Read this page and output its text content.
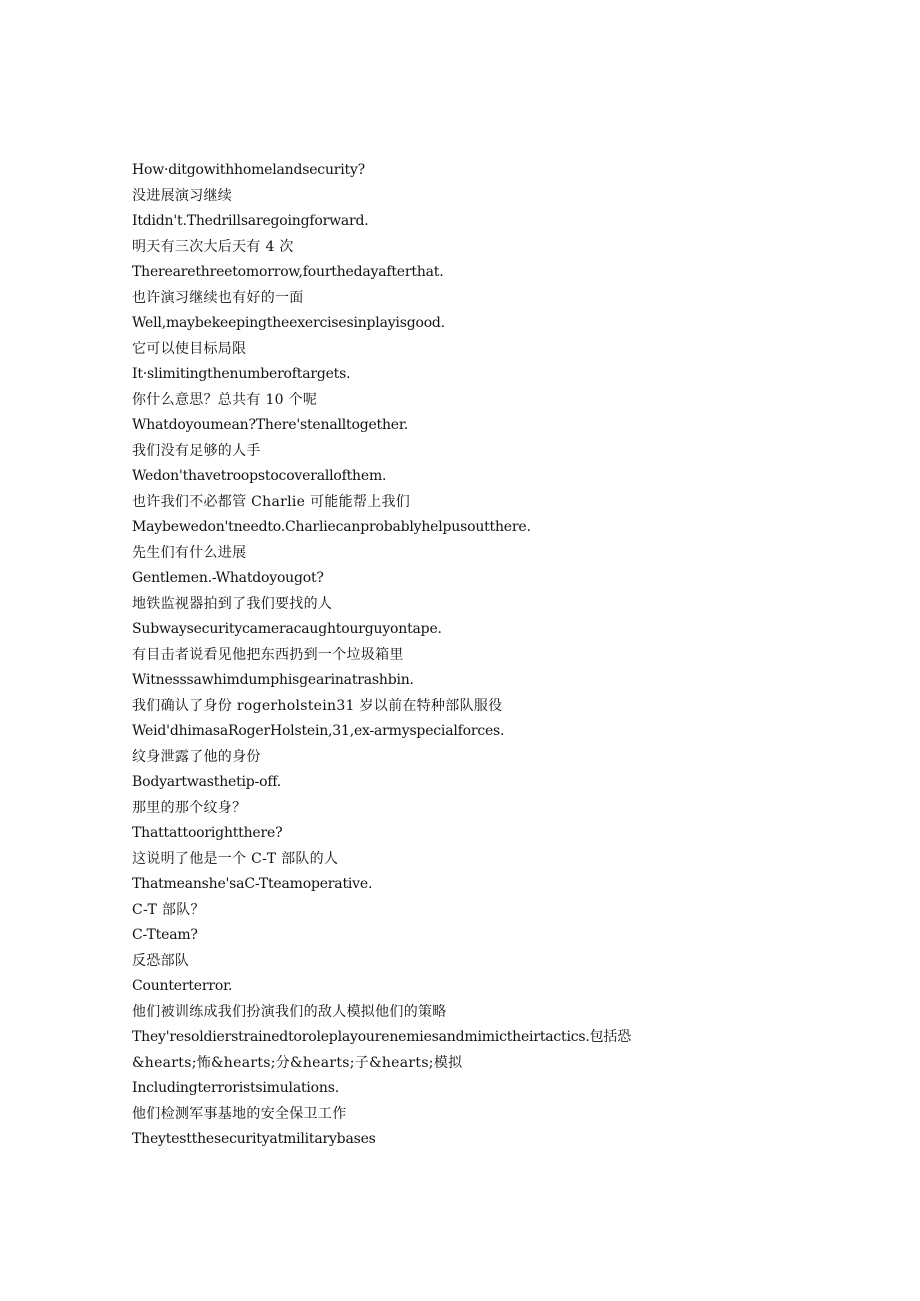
How·ditgowithhomelandsecurity?

没进展演习继续

Itdidn't.Thedrillsaregoingforward.

明天有三次大后天有 4 次

Therearethreetomorrow,fourthedayafterthat.

也许演习继续也有好的一面

Well,maybekeepingtheexercisesinplayisgood.

它可以使目标局限

It·slimitingthenumberoftargets.

你什么意思？总共有 10 个呢

Whatdoyoumean?There'stenalltogether.

我们没有足够的人手

Wedon'thavetroopstocoverallofthem.

也许我们不必都管 Charlie 可能能帮上我们

Maybewedon'tneedto.Charliecanprobablyhelpusoutthere.

先生们有什么进展

Gentlemen.-Whatdoyougot?

地铁监视器拍到了我们要找的人

Subwaysecuritycameracaughtourguyontape.

有目击者说看见他把东西扔到一个垃圾箱里

Witnesssawhimdumphisgearinatrashbin.

我们确认了身份 rogerholstein31 岁以前在特种部队服役

Weid'dhimasaRogerHolstein,31,ex-armyspecialforces.

纹身泄露了他的身份

Bodyartwasthetip-off.

那里的那个纹身？

Thattattoorightthere?

这说明了他是一个 C-T 部队的人

Thatmeanshe'saC-Tteamoperative.

C-T 部队？

C-Tteam?

反恐部队

Counterterror.

他们被训练成我们扮演我们的敌人模拟他们的策略

They'resoldierstrainedtoroleplayourenemiesandmimictheirtactics.包括恐

&hearts;怖&hearts;分&hearts;子&hearts;模拟

Includingterroristsimulations.

他们检测军事基地的安全保卫工作

Theytestthesecurityatmilitarybases
